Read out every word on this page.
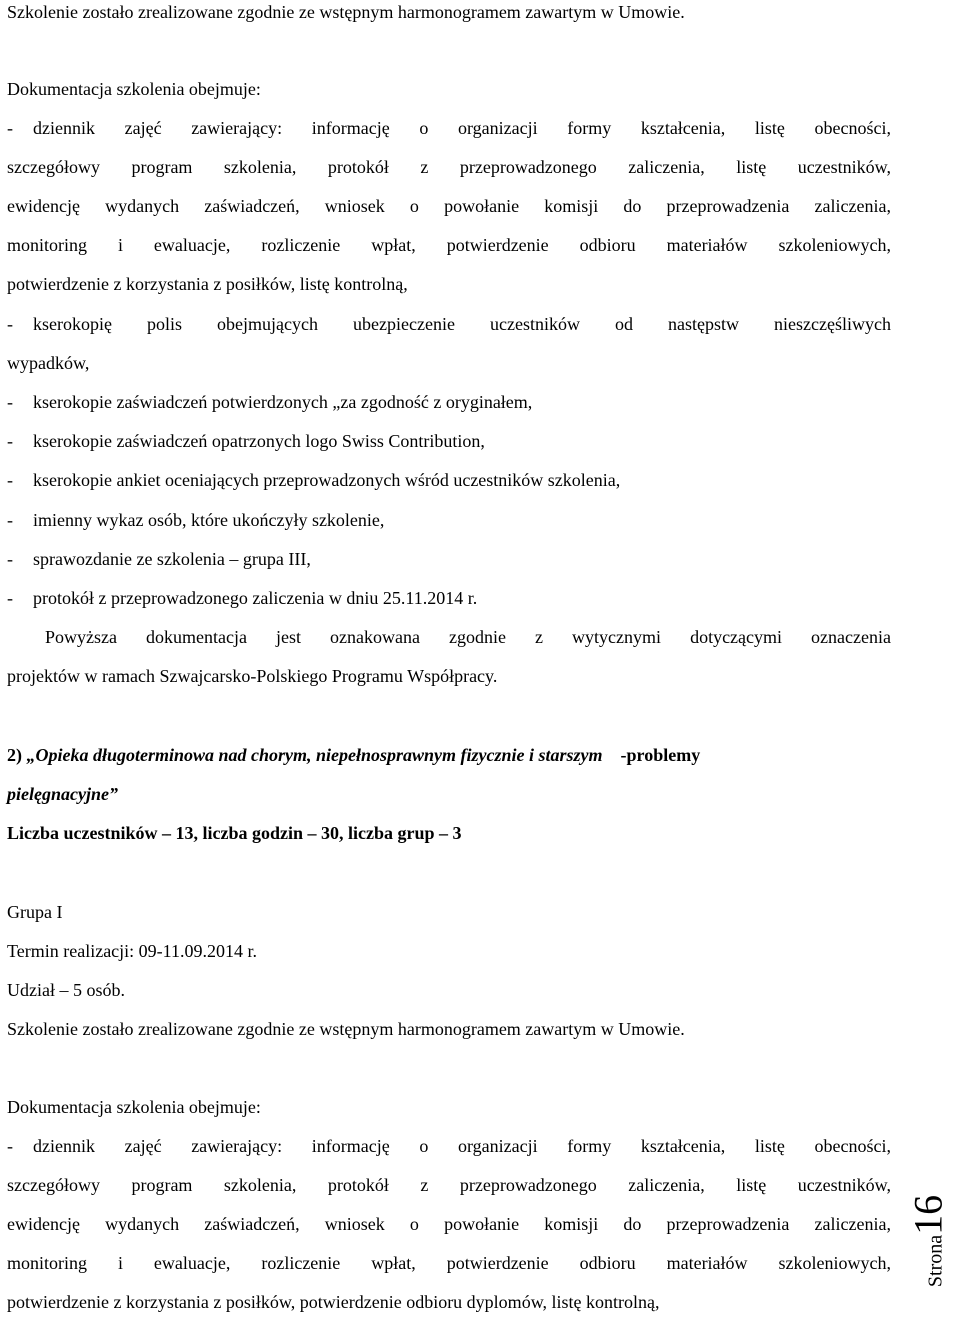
Szkolenie zostało zrealizowane zgodnie ze wstępnym harmonogramem zawartym w Umowie.
Dokumentacja szkolenia obejmuje:
- dziennik zajęć zawierający: informację o organizacji formy kształcenia, listę obecności,
szczegółowy program szkolenia, protokół z przeprowadzonego zaliczenia, listę uczestników,
ewidencję wydanych zaświadczeń, wniosek o powołanie komisji do przeprowadzenia zaliczenia,
monitoring i ewaluacje, rozliczenie wpłat, potwierdzenie odbioru materiałów szkoleniowych,
potwierdzenie z korzystania z posiłków, listę kontrolną,
- kserokopię polis obejmujących ubezpieczenie uczestników od następstw nieszczęśliwych
wypadków,
- kserokopie zaświadczeń potwierdzonych „za zgodność z oryginałem,
- kserokopie zaświadczeń opatrzonych logo Swiss Contribution,
- kserokopie ankiet oceniających przeprowadzonych wśród uczestników szkolenia,
- imienny wykaz osób, które ukończyły szkolenie,
- sprawozdanie ze szkolenia – grupa III,
- protokół z przeprowadzonego zaliczenia w dniu 25.11.2014 r.
Powyższa dokumentacja jest oznakowana zgodnie z wytycznymi dotyczącymi oznaczenia
projektów w ramach Szwajcarsko-Polskiego Programu Współpracy.
2) „Opieka długoterminowa nad chorym, niepełnosprawnym fizycznie i starszym -problemy
pielęgnacyjne”
Liczba uczestników – 13, liczba godzin – 30, liczba grup – 3
Grupa I
Termin realizacji: 09-11.09.2014 r.
Udział – 5 osób.
Szkolenie zostało zrealizowane zgodnie ze wstępnym harmonogramem zawartym w Umowie.
Dokumentacja szkolenia obejmuje:
- dziennik zajęć zawierający: informację o organizacji formy kształcenia, listę obecności,
szczegółowy program szkolenia, protokół z przeprowadzonego zaliczenia, listę uczestników,
ewidencję wydanych zaświadczeń, wniosek o powołanie komisji do przeprowadzenia zaliczenia,
monitoring i ewaluacje, rozliczenie wpłat, potwierdzenie odbioru materiałów szkoleniowych,
potwierdzenie z korzystania z posiłków, potwierdzenie odbioru dyplomów, listę kontrolną,
Strona16
